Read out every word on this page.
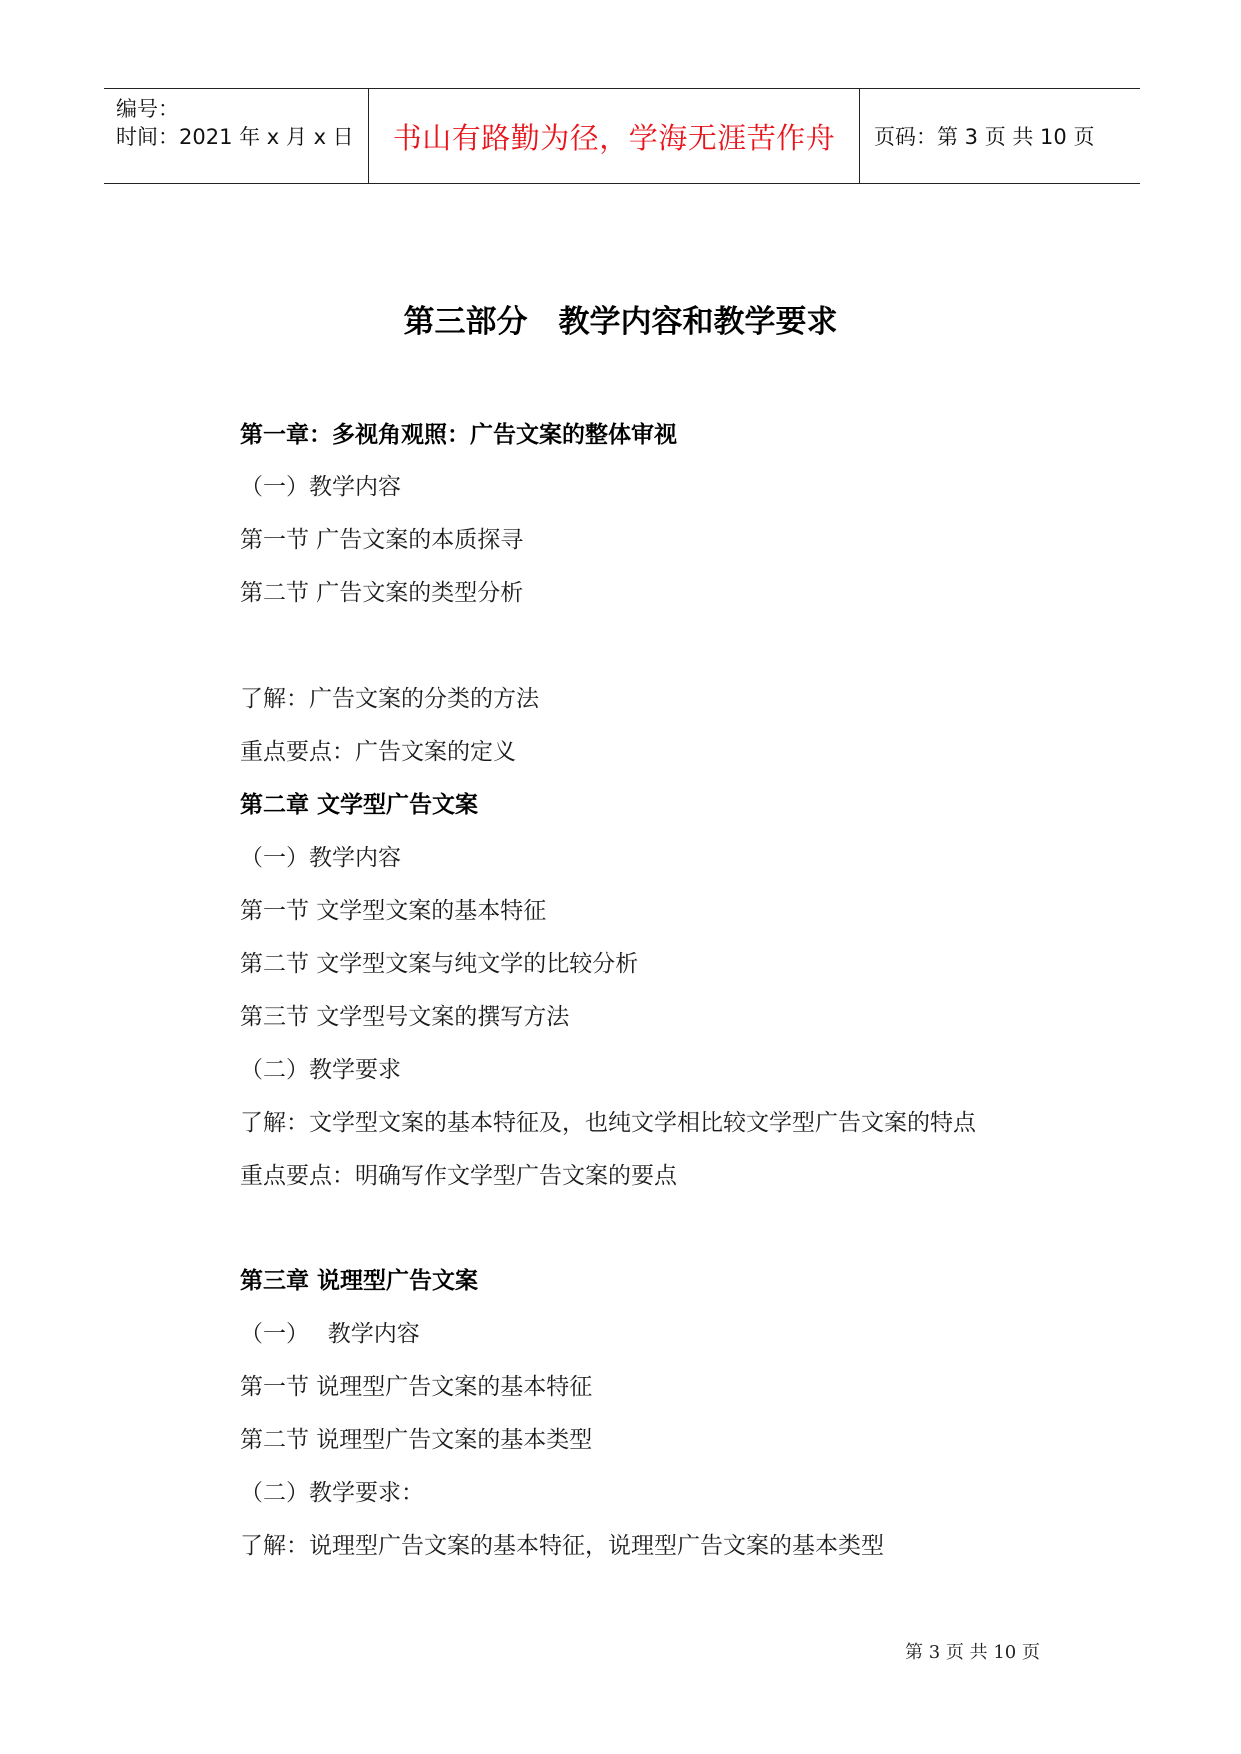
编号：
时间：2021 年 x 月 x 日	书山有路勤为径，学海无涯苦作舟	页码：第 3 页 共 10 页
第三部分　教学内容和教学要求
第一章：多视角观照：广告文案的整体审视
（一）教学内容
第一节 广告文案的本质探寻
第二节 广告文案的类型分析
了解：广告文案的分类的方法
重点要点：广告文案的定义
第二章 文学型广告文案
（一）教学内容
第一节 文学型文案的基本特征
第二节 文学型文案与纯文学的比较分析
第三节 文学型号文案的撰写方法
（二）教学要求
了解：文学型文案的基本特征及，也纯文学相比较文学型广告文案的特点
重点要点：明确写作文学型广告文案的要点
第三章 说理型广告文案
（一）　 教学内容
第一节 说理型广告文案的基本特征
第二节 说理型广告文案的基本类型
（二）教学要求：
了解：说理型广告文案的基本特征，说理型广告文案的基本类型
第 3 页 共 10 页
